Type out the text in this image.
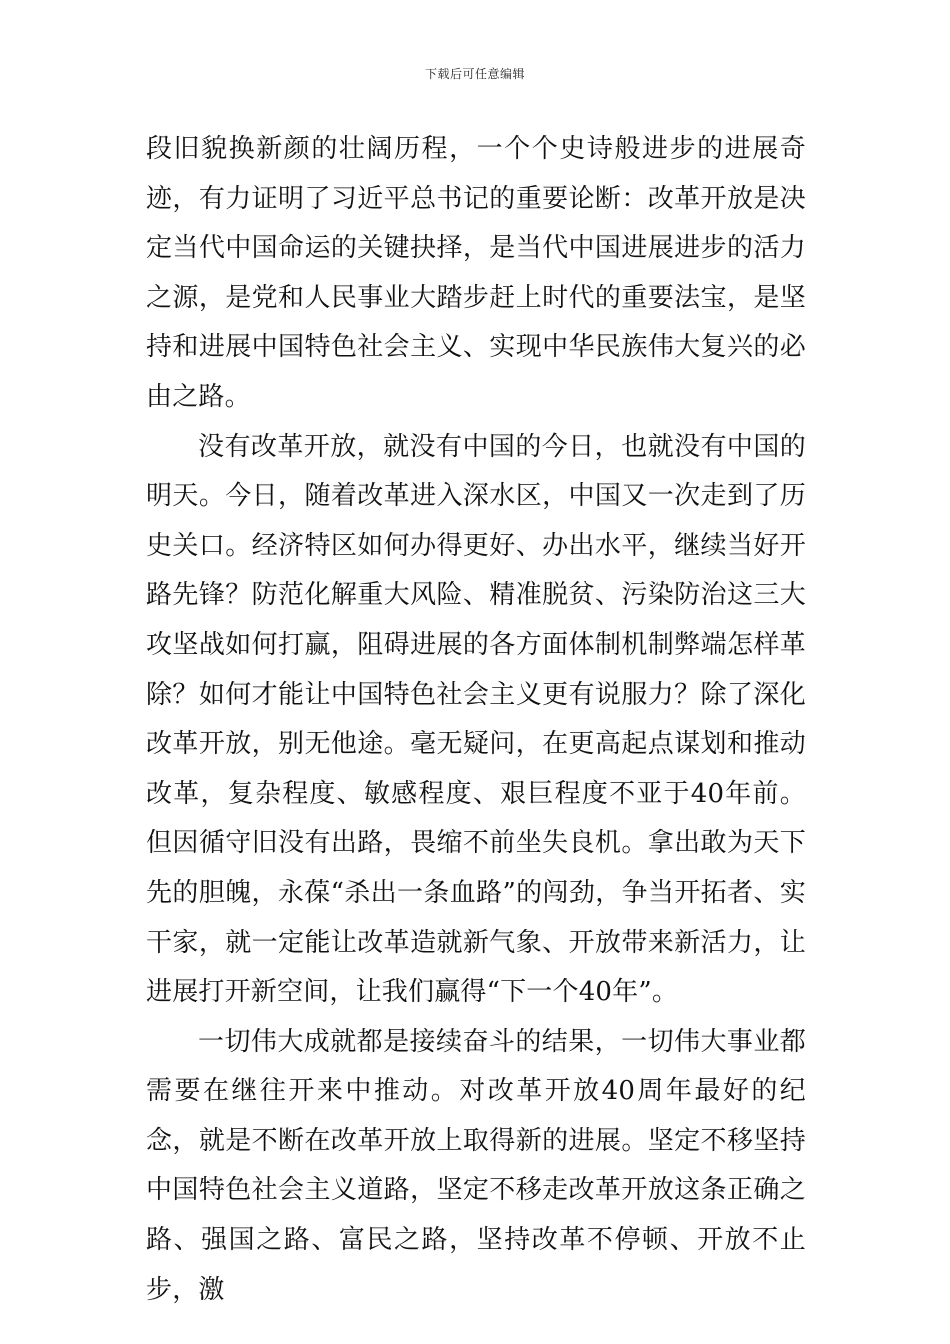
下载后可任意编辑

段旧貌换新颜的壮阔历程，一个个史诗般进步的进展奇迹，有力证明了习近平总书记的重要论断：改革开放是决定当代中国命运的关键抉择，是当代中国进展进步的活力之源，是党和人民事业大踏步赶上时代的重要法宝，是坚持和进展中国特色社会主义、实现中华民族伟大复兴的必由之路。

没有改革开放，就没有中国的今日，也就没有中国的明天。今日，随着改革进入深水区，中国又一次走到了历史关口。经济特区如何办得更好、办出水平，继续当好开路先锋？防范化解重大风险、精准脱贫、污染防治这三大攻坚战如何打赢，阻碍进展的各方面体制机制弊端怎样革除？如何才能让中国特色社会主义更有说服力？除了深化改革开放，别无他途。毫无疑问，在更高起点谋划和推动改革，复杂程度、敏感程度、艰巨程度不亚于40年前。但因循守旧没有出路，畏缩不前坐失良机。拿出敢为天下先的胆魄，永葆“杀出一条血路”的闯劲，争当开拓者、实干家，就一定能让改革造就新气象、开放带来新活力，让进展打开新空间，让我们赢得“下一个40年”。

一切伟大成就都是接续奋斗的结果，一切伟大事业都需要在继往开来中推动。对改革开放40周年最好的纪念，就是不断在改革开放上取得新的进展。坚定不移坚持中国特色社会主义道路，坚定不移走改革开放这条正确之路、强国之路、富民之路，坚持改革不停顿、开放不止步，激
